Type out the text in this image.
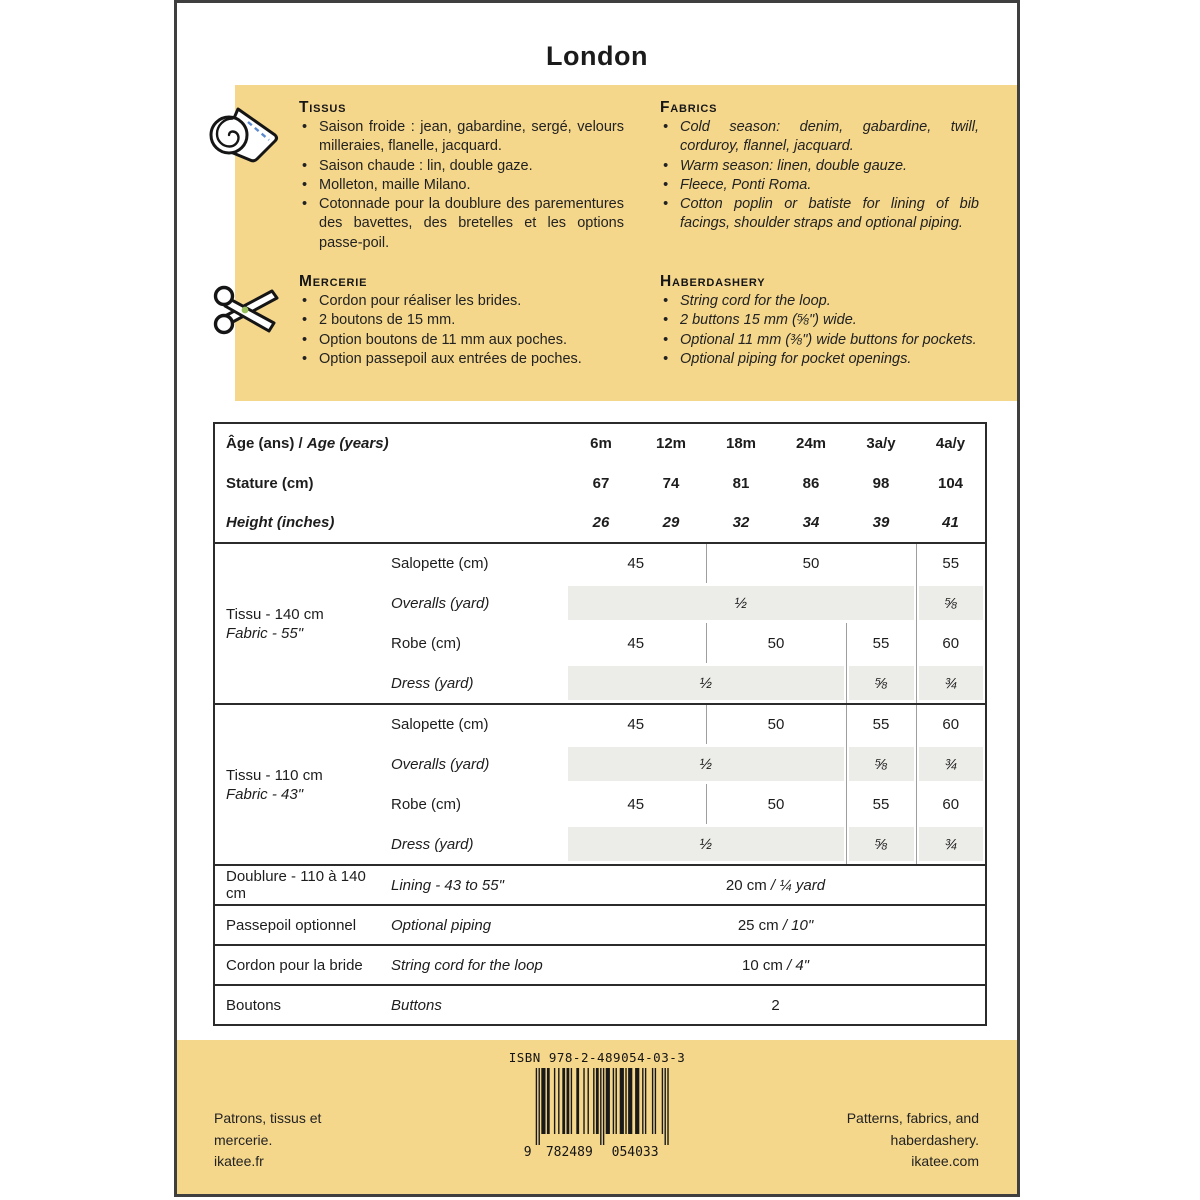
London
Tissus
• Saison froide : jean, gabardine, sergé, velours milleraies, flanelle, jacquard.
• Saison chaude : lin, double gaze.
• Molleton, maille Milano.
• Cotonnade pour la doublure des parementures des bavettes, des bretelles et les options passe-poil.
Fabrics
• Cold season: denim, gabardine, twill, corduroy, flannel, jacquard.
• Warm season: linen, double gauze.
• Fleece, Ponti Roma.
• Cotton poplin or batiste for lining of bib facings, shoulder straps and optional piping.
Mercerie
• Cordon pour réaliser les brides.
• 2 boutons de 15 mm.
• Option boutons de 11 mm aux poches.
• Option passepoil aux entrées de poches.
Haberdashery
• String cord for the loop.
• 2 buttons 15 mm (⅝") wide.
• Optional 11 mm (⅜") wide buttons for pockets.
• Optional piping for pocket openings.
Âge (ans) / Age (years)		6m	12m	18m	24m	3a/y	4a/y
Stature (cm)		67	74	81	86	98	104
Height (inches)		26	29	32	34	39	41

Tissu - 140 cm
Fabric - 55"	Salopette (cm)	45		50			55
	Overalls (yard)	½					⅝

	Robe (cm)	45		50		55	60
	Dress (yard)	½				⅝	¾

Tissu - 110 cm
Fabric - 43"	Salopette (cm)	45		50		55	60
	Overalls (yard)	½				⅝	¾

	Robe (cm)	45		50		55	60
	Dress (yard)	½				⅝	¾

Doublure - 110 à 140 cm	Lining - 43 to 55"	20 cm / ¼ yard					
Passepoil optionnel	Optional piping	25 cm / 10"					
Cordon pour la bride	String cord for the loop	10 cm / 4"					
Boutons	Buttons	2					
Patrons, tissus et
mercerie.
ikatee.fr
Patterns, fabrics, and
haberdashery.
ikatee.com
ISBN 978-2-489054-03-3
9 782489 054033
